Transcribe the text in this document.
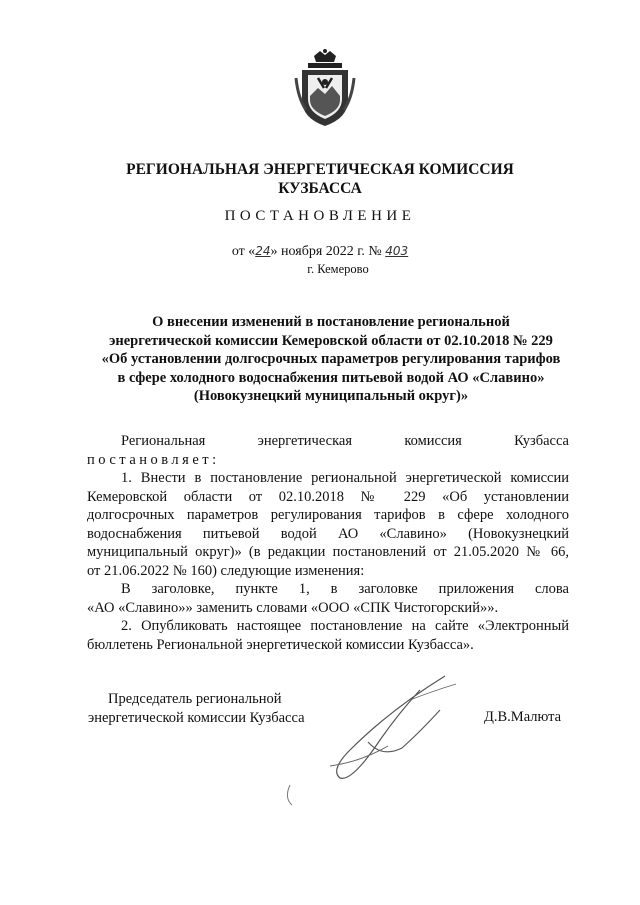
РЕГИОНАЛЬНАЯ ЭНЕРГЕТИЧЕСКАЯ КОМИССИЯ
КУЗБАССА
ПОСТАНОВЛЕНИЕ
от «24» ноября 2022 г. № 403
г. Кемерово
О внесении изменений в постановление региональной
энергетической комиссии Кемеровской области от 02.10.2018 № 229
«Об установлении долгосрочных параметров регулирования тарифов
в сфере холодного водоснабжения питьевой водой АО «Славино»
(Новокузнецкий муниципальный округ)»
Региональная энергетическая комиссия Кузбасса
постановляет:
1. Внести в постановление региональной энергетической комиссии
Кемеровской области от 02.10.2018 № 229 «Об установлении
долгосрочных параметров регулирования тарифов в сфере холодного
водоснабжения питьевой водой АО «Славино» (Новокузнецкий
муниципальный округ)» (в редакции постановлений от 21.05.2020 № 66,
от 21.06.2022 № 160) следующие изменения:
В заголовке, пункте 1, в заголовке приложения слова
«АО «Славино»» заменить словами «ООО «СПК Чистогорский»».
2. Опубликовать настоящее постановление на сайте «Электронный
бюллетень Региональной энергетической комиссии Кузбасса».
Председатель региональной
энергетической комиссии Кузбасса	Д.В.Малюта
